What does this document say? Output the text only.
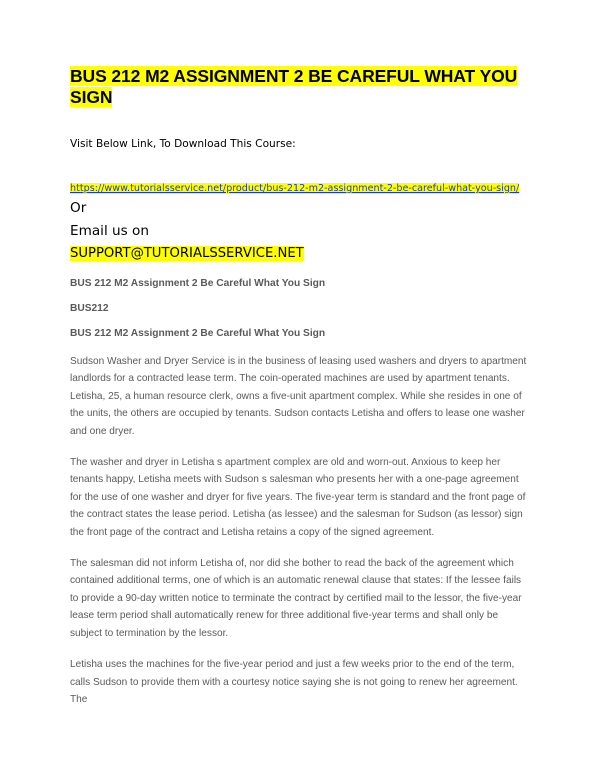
BUS 212 M2 ASSIGNMENT 2 BE CAREFUL WHAT YOU SIGN

Visit Below Link, To Download This Course:

https://www.tutorialsservice.net/product/bus-212-m2-assignment-2-be-careful-what-you-sign/

Or

Email us on

SUPPORT@TUTORIALSSERVICE.NET

BUS 212 M2 Assignment 2 Be Careful What You Sign

BUS212

BUS 212 M2 Assignment 2 Be Careful What You Sign

Sudson Washer and Dryer Service is in the business of leasing used washers and dryers to apartment landlords for a contracted lease term. The coin-operated machines are used by apartment tenants. Letisha, 25, a human resource clerk, owns a five-unit apartment complex. While she resides in one of the units, the others are occupied by tenants. Sudson contacts Letisha and offers to lease one washer and one dryer.

The washer and dryer in Letisha s apartment complex are old and worn-out. Anxious to keep her tenants happy, Letisha meets with Sudson s salesman who presents her with a one-page agreement for the use of one washer and dryer for five years. The five-year term is standard and the front page of the contract states the lease period. Letisha (as lessee) and the salesman for Sudson (as lessor) sign the front page of the contract and Letisha retains a copy of the signed agreement.

The salesman did not inform Letisha of, nor did she bother to read the back of the agreement which contained additional terms, one of which is an automatic renewal clause that states: If the lessee fails to provide a 90-day written notice to terminate the contract by certified mail to the lessor, the five-year lease term period shall automatically renew for three additional five-year terms and shall only be subject to termination by the lessor.

Letisha uses the machines for the five-year period and just a few weeks prior to the end of the term, calls Sudson to provide them with a courtesy notice saying she is not going to renew her agreement. The
